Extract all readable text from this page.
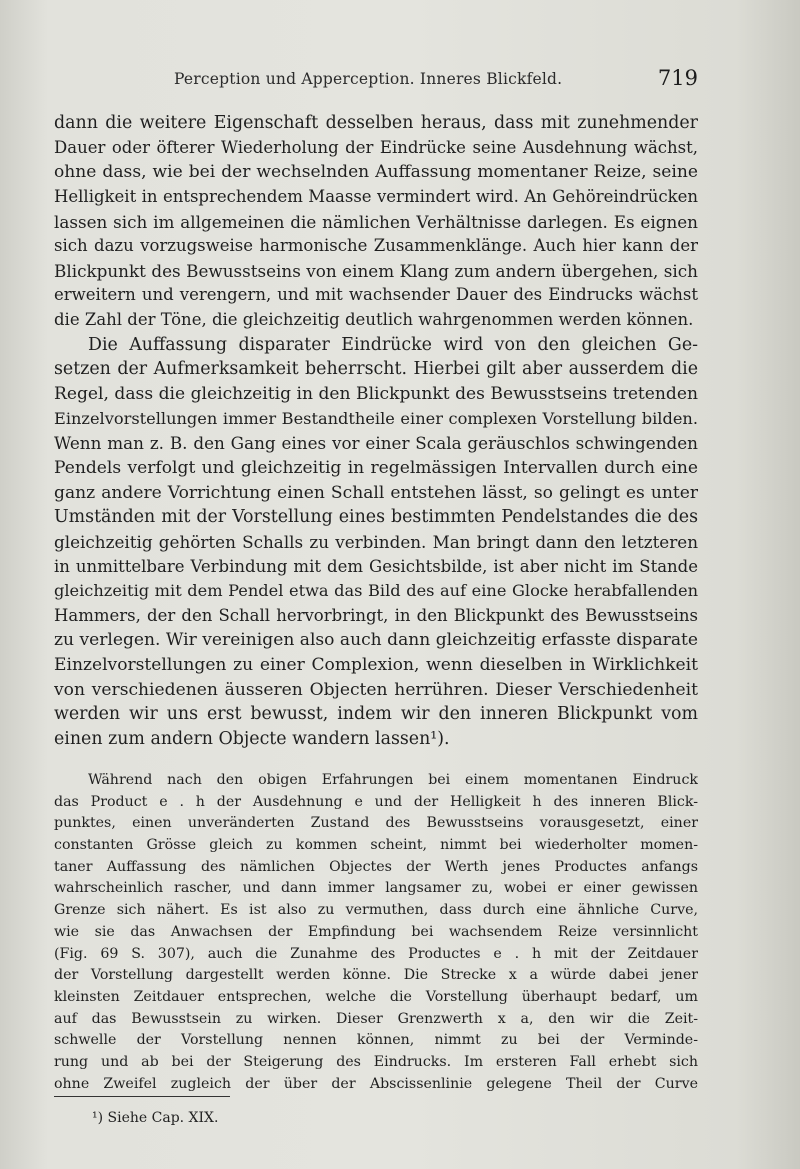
Perception und Apperception. Inneres Blickfeld.	719
dann die weitere Eigenschaft desselben heraus, dass mit zunehmender
Dauer oder öfterer Wiederholung der Eindrücke seine Ausdehnung wächst,
ohne dass, wie bei der wechselnden Auffassung momentaner Reize, seine
Helligkeit in entsprechendem Maasse vermindert wird. An Gehöreindrücken
lassen sich im allgemeinen die nämlichen Verhältnisse darlegen. Es eignen
sich dazu vorzugsweise harmonische Zusammenklänge. Auch hier kann der
Blickpunkt des Bewusstseins von einem Klang zum andern übergehen, sich
erweitern und verengern, und mit wachsender Dauer des Eindrucks wächst
die Zahl der Töne, die gleichzeitig deutlich wahrgenommen werden können.
Die Auffassung disparater Eindrücke wird von den gleichen Ge-
setzen der Aufmerksamkeit beherrscht. Hierbei gilt aber ausserdem die
Regel, dass die gleichzeitig in den Blickpunkt des Bewusstseins tretenden
Einzelvorstellungen immer Bestandtheile einer complexen Vorstellung bilden.
Wenn man z. B. den Gang eines vor einer Scala geräuschlos schwingenden
Pendels verfolgt und gleichzeitig in regelmässigen Intervallen durch eine
ganz andere Vorrichtung einen Schall entstehen lässt, so gelingt es unter
Umständen mit der Vorstellung eines bestimmten Pendelstandes die des
gleichzeitig gehörten Schalls zu verbinden. Man bringt dann den letzteren
in unmittelbare Verbindung mit dem Gesichtsbilde, ist aber nicht im Stande
gleichzeitig mit dem Pendel etwa das Bild des auf eine Glocke herabfallenden
Hammers, der den Schall hervorbringt, in den Blickpunkt des Bewusstseins
zu verlegen. Wir vereinigen also auch dann gleichzeitig erfasste disparate
Einzelvorstellungen zu einer Complexion, wenn dieselben in Wirklichkeit
von verschiedenen äusseren Objecten herrühren. Dieser Verschiedenheit
werden wir uns erst bewusst, indem wir den inneren Blickpunkt vom
einen zum andern Objecte wandern lassen¹).
Während nach den obigen Erfahrungen bei einem momentanen Eindruck
das Product e . h der Ausdehnung e und der Helligkeit h des inneren Blick-
punktes, einen unveränderten Zustand des Bewusstseins vorausgesetzt, einer
constanten Grösse gleich zu kommen scheint, nimmt bei wiederholter momen-
taner Auffassung des nämlichen Objectes der Werth jenes Productes anfangs
wahrscheinlich rascher, und dann immer langsamer zu, wobei er einer gewissen
Grenze sich nähert. Es ist also zu vermuthen, dass durch eine ähnliche Curve,
wie sie das Anwachsen der Empfindung bei wachsendem Reize versinnlicht
(Fig. 69 S. 307), auch die Zunahme des Productes e . h mit der Zeitdauer
der Vorstellung dargestellt werden könne. Die Strecke x a würde dabei jener
kleinsten Zeitdauer entsprechen, welche die Vorstellung überhaupt bedarf, um
auf das Bewusstsein zu wirken. Dieser Grenzwerth x a, den wir die Zeit-
schwelle der Vorstellung nennen können, nimmt zu bei der Verminde-
rung und ab bei der Steigerung des Eindrucks. Im ersteren Fall erhebt sich
ohne Zweifel zugleich der über der Abscissenlinie gelegene Theil der Curve
¹) Siehe Cap. XIX.
